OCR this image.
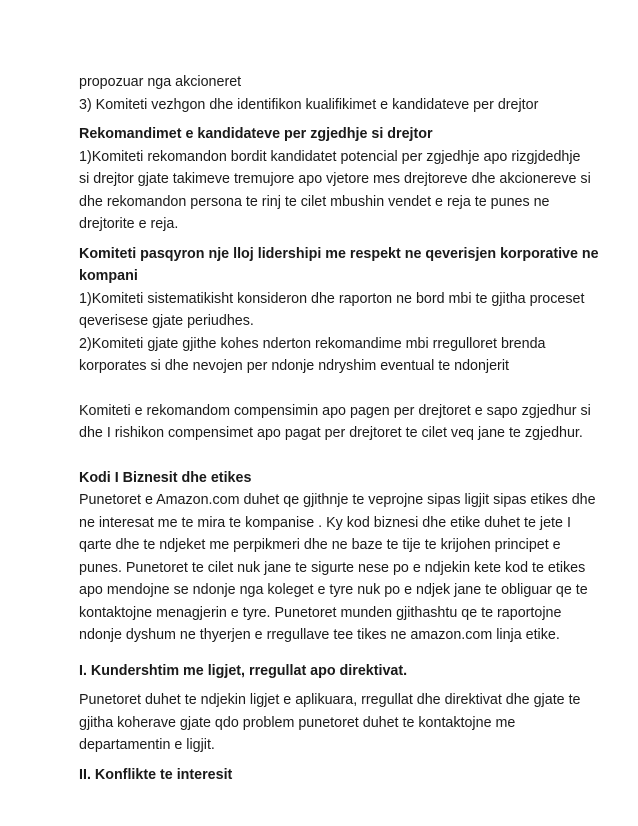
propozuar nga akcioneret
3) Komiteti vezhgon dhe identifikon kualifikimet e kandidateve per drejtor
Rekomandimet e kandidateve per zgjedhje si drejtor
1)Komiteti rekomandon bordit kandidatet potencial per zgjedhje apo rizgjdedhje
si drejtor gjate takimeve tremujore apo vjetore mes drejtoreve dhe akcionereve si
dhe rekomandon persona te rinj te cilet mbushin vendet e reja te punes ne
drejtorite e reja.
Komiteti pasqyron nje lloj lidershipi me respekt ne qeverisjen korporative ne
kompani
1)Komiteti sistematikisht konsideron dhe raporton ne bord mbi te gjitha proceset
qeverisese gjate periudhes.
2)Komiteti gjate gjithe kohes nderton rekomandime mbi rregulloret brenda
korporates si dhe nevojen per ndonje ndryshim eventual te ndonjerit
Komiteti e rekomandom compensimin apo pagen per drejtoret e sapo zgjedhur si
dhe I rishikon compensimet apo pagat per drejtoret te cilet veq jane te zgjedhur.
Kodi I Biznesit dhe etikes
Punetoret e Amazon.com duhet qe gjithnje te veprojne sipas ligjit sipas etikes dhe
ne interesat me te mira te kompanise . Ky kod biznesi dhe etike duhet te jete I
qarte dhe te ndjeket me perpikmeri dhe ne baze te tije te krijohen principet e
punes. Punetoret te cilet nuk jane te sigurte nese po e ndjekin kete kod te etikes
apo mendojne se ndonje nga koleget e tyre nuk po e ndjek jane te obliguar qe te
kontaktojne menagjerin e tyre. Punetoret munden gjithashtu qe te raportojne
ndonje dyshum ne thyerjen e rregullave tee tikes ne amazon.com linja etike.
I. Kundershtim me ligjet, rregullat apo direktivat.
Punetoret duhet te ndjekin ligjet e aplikuara, rregullat dhe direktivat dhe gjate te
gjitha koherave gjate qdo problem punetoret duhet te kontaktojne me
departamentin e ligjit.
II. Konflikte te interesit
